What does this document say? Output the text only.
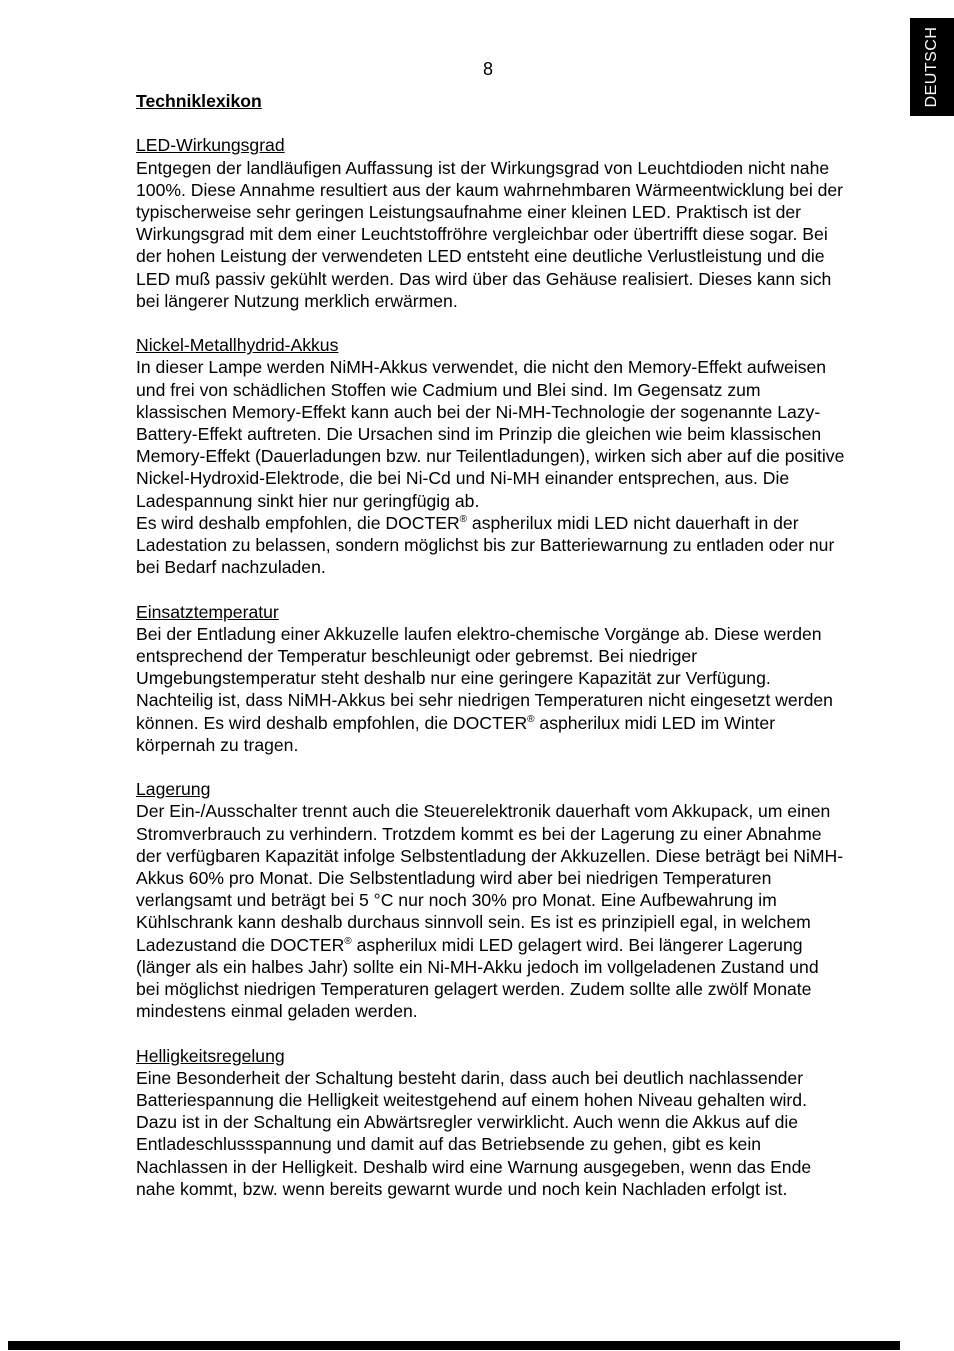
8	DEUTSCH
Techniklexikon
LED-Wirkungsgrad

Entgegen der landläufigen Auffassung ist der Wirkungsgrad von Leuchtdioden nicht nahe 100%. Diese Annahme resultiert aus der kaum wahrnehmbaren Wärmeentwicklung bei der typischerweise sehr geringen Leistungsaufnahme einer kleinen LED. Praktisch ist der Wirkungsgrad mit dem einer Leuchtstoffröhre vergleichbar oder übertrifft diese sogar. Bei der hohen Leistung der verwendeten LED entsteht eine deutliche Verlustleistung und die LED muß passiv gekühlt werden. Das wird über das Gehäuse realisiert. Dieses kann sich bei längerer Nutzung merklich erwärmen.

Nickel-Metallhydrid-Akkus

In dieser Lampe werden NiMH-Akkus verwendet, die nicht den Memory-Effekt aufweisen und frei von schädlichen Stoffen wie Cadmium und Blei sind. Im Gegensatz zum klassischen Memory-Effekt kann auch bei der Ni-MH-Technologie der sogenannte Lazy-Battery-Effekt auftreten. Die Ursachen sind im Prinzip die gleichen wie beim klassischen Memory-Effekt (Dauerladungen bzw. nur Teilentladungen), wirken sich aber auf die positive Nickel-Hydroxid-Elektrode, die bei Ni-Cd und Ni-MH einander entsprechen, aus. Die Ladespannung sinkt hier nur geringfügig ab.

Es wird deshalb empfohlen, die DOCTER® aspherilux midi LED nicht dauerhaft in der Ladestation zu belassen, sondern möglichst bis zur Batteriewarnung zu entladen oder nur bei Bedarf nachzuladen.

Einsatztemperatur

Bei der Entladung einer Akkuzelle laufen elektro-chemische Vorgänge ab. Diese werden entsprechend der Temperatur beschleunigt oder gebremst. Bei niedriger Umgebungstemperatur steht deshalb nur eine geringere Kapazität zur Verfügung. Nachteilig ist, dass NiMH-Akkus bei sehr niedrigen Temperaturen nicht eingesetzt werden können. Es wird deshalb empfohlen, die DOCTER® aspherilux midi LED im Winter körpernah zu tragen.

Lagerung

Der Ein-/Ausschalter trennt auch die Steuerelektronik dauerhaft vom Akkupack, um einen Stromverbrauch zu verhindern. Trotzdem kommt es bei der Lagerung zu einer Abnahme der verfügbaren Kapazität infolge Selbstentladung der Akkuzellen. Diese beträgt bei NiMH-Akkus 60% pro Monat. Die Selbstentladung wird aber bei niedrigen Temperaturen verlangsamt und beträgt bei 5 °C nur noch 30% pro Monat. Eine Aufbewahrung im Kühlschrank kann deshalb durchaus sinnvoll sein. Es ist es prinzipiell egal, in welchem Ladezustand die DOCTER® aspherilux midi LED gelagert wird. Bei längerer Lagerung (länger als ein halbes Jahr) sollte ein Ni-MH-Akku jedoch im vollgeladenen Zustand und bei möglichst niedrigen Temperaturen gelagert werden. Zudem sollte alle zwölf Monate mindestens einmal geladen werden.

Helligkeitsregelung

Eine Besonderheit der Schaltung besteht darin, dass auch bei deutlich nachlassender Batteriespannung die Helligkeit weitestgehend auf einem hohen Niveau gehalten wird. Dazu ist in der Schaltung ein Abwärtsregler verwirklicht. Auch wenn die Akkus auf die Entladeschlussspannung und damit auf das Betriebsende zu gehen, gibt es kein Nachlassen in der Helligkeit. Deshalb wird eine Warnung ausgegeben, wenn das Ende nahe kommt, bzw. wenn bereits gewarnt wurde und noch kein Nachladen erfolgt ist.
